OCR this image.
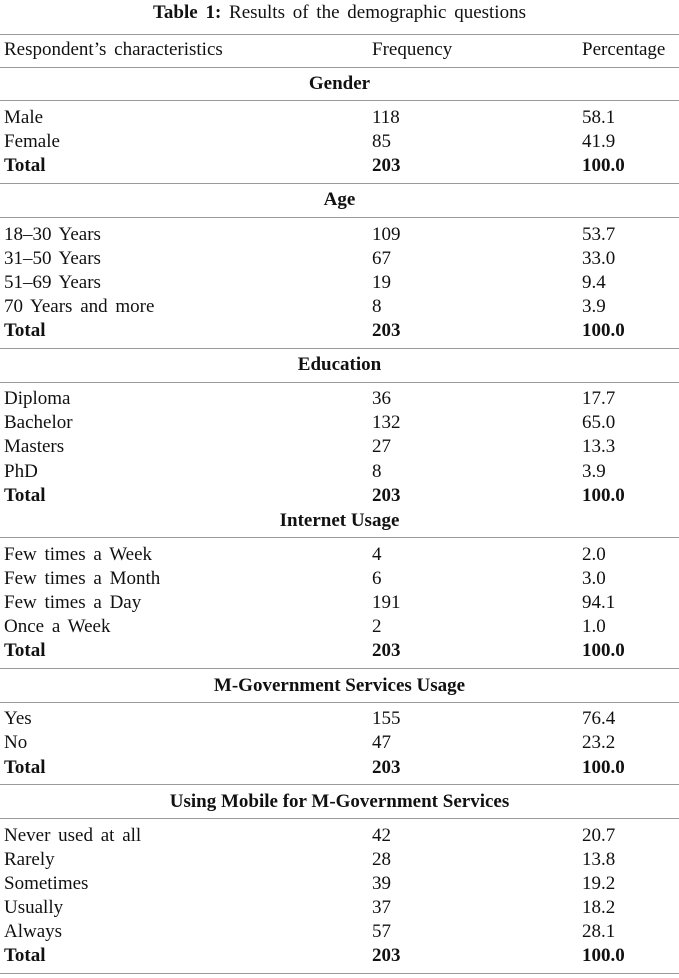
Table 1: Results of the demographic questions
Respondent’s characteristics	Frequency	Percentage
Gender
Male	118	58.1
Female	85	41.9
Total	203	100.0
Age
18–30 Years	109	53.7
31–50 Years	67	33.0
51–69 Years	19	9.4
70 Years and more	8	3.9
Total	203	100.0
Education
Diploma	36	17.7
Bachelor	132	65.0
Masters	27	13.3
PhD	8	3.9
Total	203	100.0
Internet Usage
Few times a Week	4	2.0
Few times a Month	6	3.0
Few times a Day	191	94.1
Once a Week	2	1.0
Total	203	100.0
M-Government Services Usage
Yes	155	76.4
No	47	23.2
Total	203	100.0
Using Mobile for M-Government Services
Never used at all	42	20.7
Rarely	28	13.8
Sometimes	39	19.2
Usually	37	18.2
Always	57	28.1
Total	203	100.0
